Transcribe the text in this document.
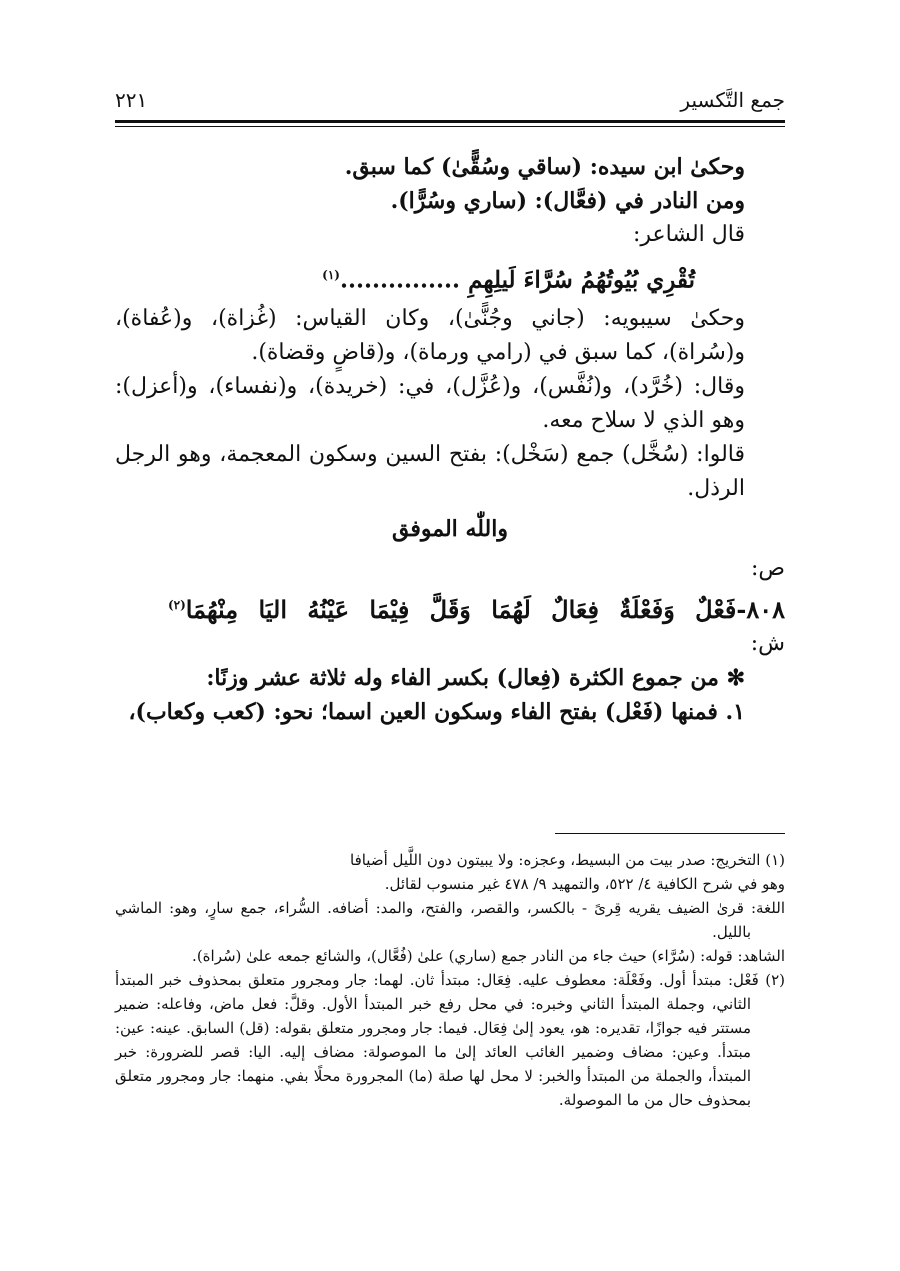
جمع التَّكسير
٢٢١

وحكىٰ ابن سيده: (ساقي وسُقًّىٰ) كما سبق.

ومن النادر في (فعَّال): (ساري وسُرًّا).

قال الشاعر:

تُقْرِي بُيُوتُهُمُ سُرَّاءَ لَيلِهِمِ ...............$^{(١)}$

وحكىٰ سيبويه: (جاني وجُنًّىٰ)، وكان القياس: (غُزاة)، و(عُفاة)، و(سُراة)، كما سبق في (رامي ورماة)، و(قاضٍ وقضاة).

وقال: (خُرَّد)، و(نُفَّس)، و(عُزَّل)، في: (خريدة)، و(نفساء)، و(أعزل): وهو الذي لا سلاح معه.

قالوا: (سُخَّل) جمع (سَخْل): بفتح السين وسكون المعجمة، وهو الرجل الرذل.

واللّٰه الموفق

ص:

٨٠٨-فَعْلٌ وَفَعْلَةٌ فِعَالٌ لَهُمَا وَقَلَّ فِيْمَا عَيْنُهُ اليَا مِنْهُمَا$^{(٢)}$

ش:

✻ من جموع الكثرة (فِعال) بكسر الفاء وله ثلاثة عشر وزنًا:

١. فمنها (فَعْل) بفتح الفاء وسكون العين اسما؛ نحو: (كعب وكعاب)،

(١) التخريج: صدر بيت من البسيط، وعجزه: ولا يبيتون دون اللَّيل أضيافا

وهو في شرح الكافية ٤/ ٥٢٢، والتمهيد ٩/ ٤٧٨ غير منسوب لقائل.

اللغة: قرىٰ الضيف يقريه قِرىً - بالكسر، والقصر، والفتح، والمد: أضافه. السُّراء، جمع سارٍ، وهو: الماشي بالليل.

الشاهد: قوله: (سُرَّاء) حيث جاء من النادر جمع (ساري) علىٰ (فُعَّال)، والشائع جمعه علىٰ (سُراة).

(٢) فَعْل: مبتدأ أول. وفَعْلَة: معطوف عليه. فِعَال: مبتدأ ثان. لهما: جار ومجرور متعلق بمحذوف خبر المبتدأ الثاني، وجملة المبتدأ الثاني وخبره: في محل رفع خبر المبتدأ الأول. وقلَّ: فعل ماض، وفاعله: ضمير مستتر فيه جوازًا، تقديره: هو، يعود إلىٰ فِعَال. فيما: جار ومجرور متعلق بقوله: (قل) السابق. عينه: عين: مبتدأ. وعين: مضاف وضمير الغائب العائد إلىٰ ما الموصولة: مضاف إليه. اليا: قصر للضرورة: خبر المبتدأ، والجملة من المبتدأ والخبر: لا محل لها صلة (ما) المجرورة محلًا بفي. منهما: جار ومجرور متعلق بمحذوف حال من ما الموصولة.
